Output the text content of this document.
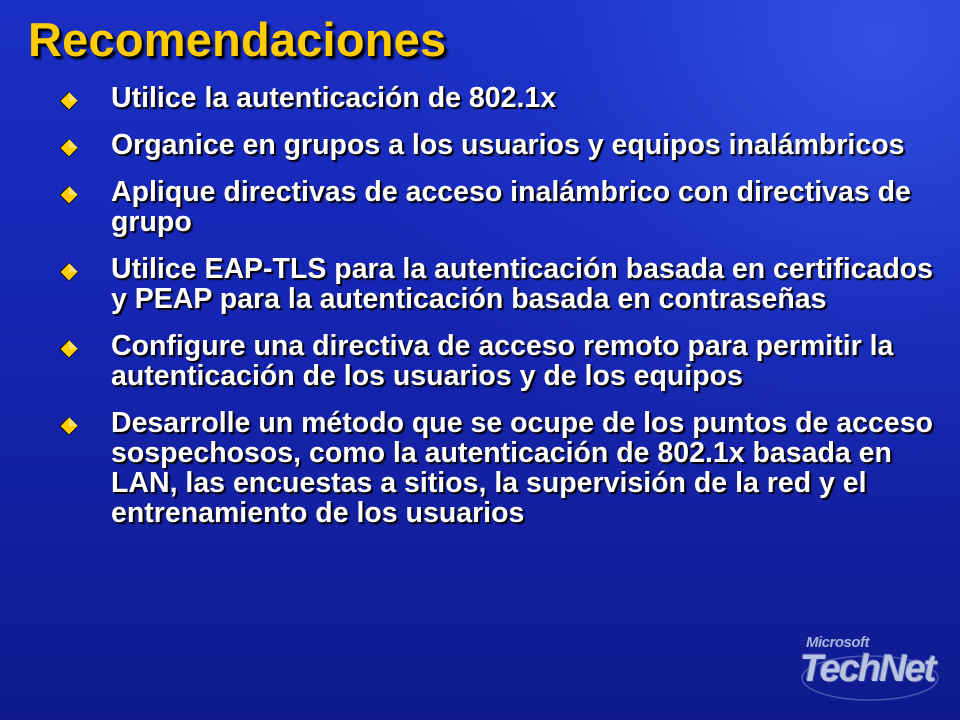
Recomendaciones
Utilice la autenticación de 802.1x
Organice en grupos a los usuarios y equipos inalámbricos
Aplique directivas de acceso inalámbrico con directivas de grupo
Utilice EAP-TLS para la autenticación basada en certificados y PEAP para la autenticación basada en contraseñas
Configure una directiva de acceso remoto para permitir la autenticación de los usuarios y de los equipos
Desarrolle un método que se ocupe de los puntos de acceso sospechosos, como la autenticación de 802.1x basada en LAN, las encuestas a sitios, la supervisión de la red y el entrenamiento de los usuarios
Microsoft
TechNet
